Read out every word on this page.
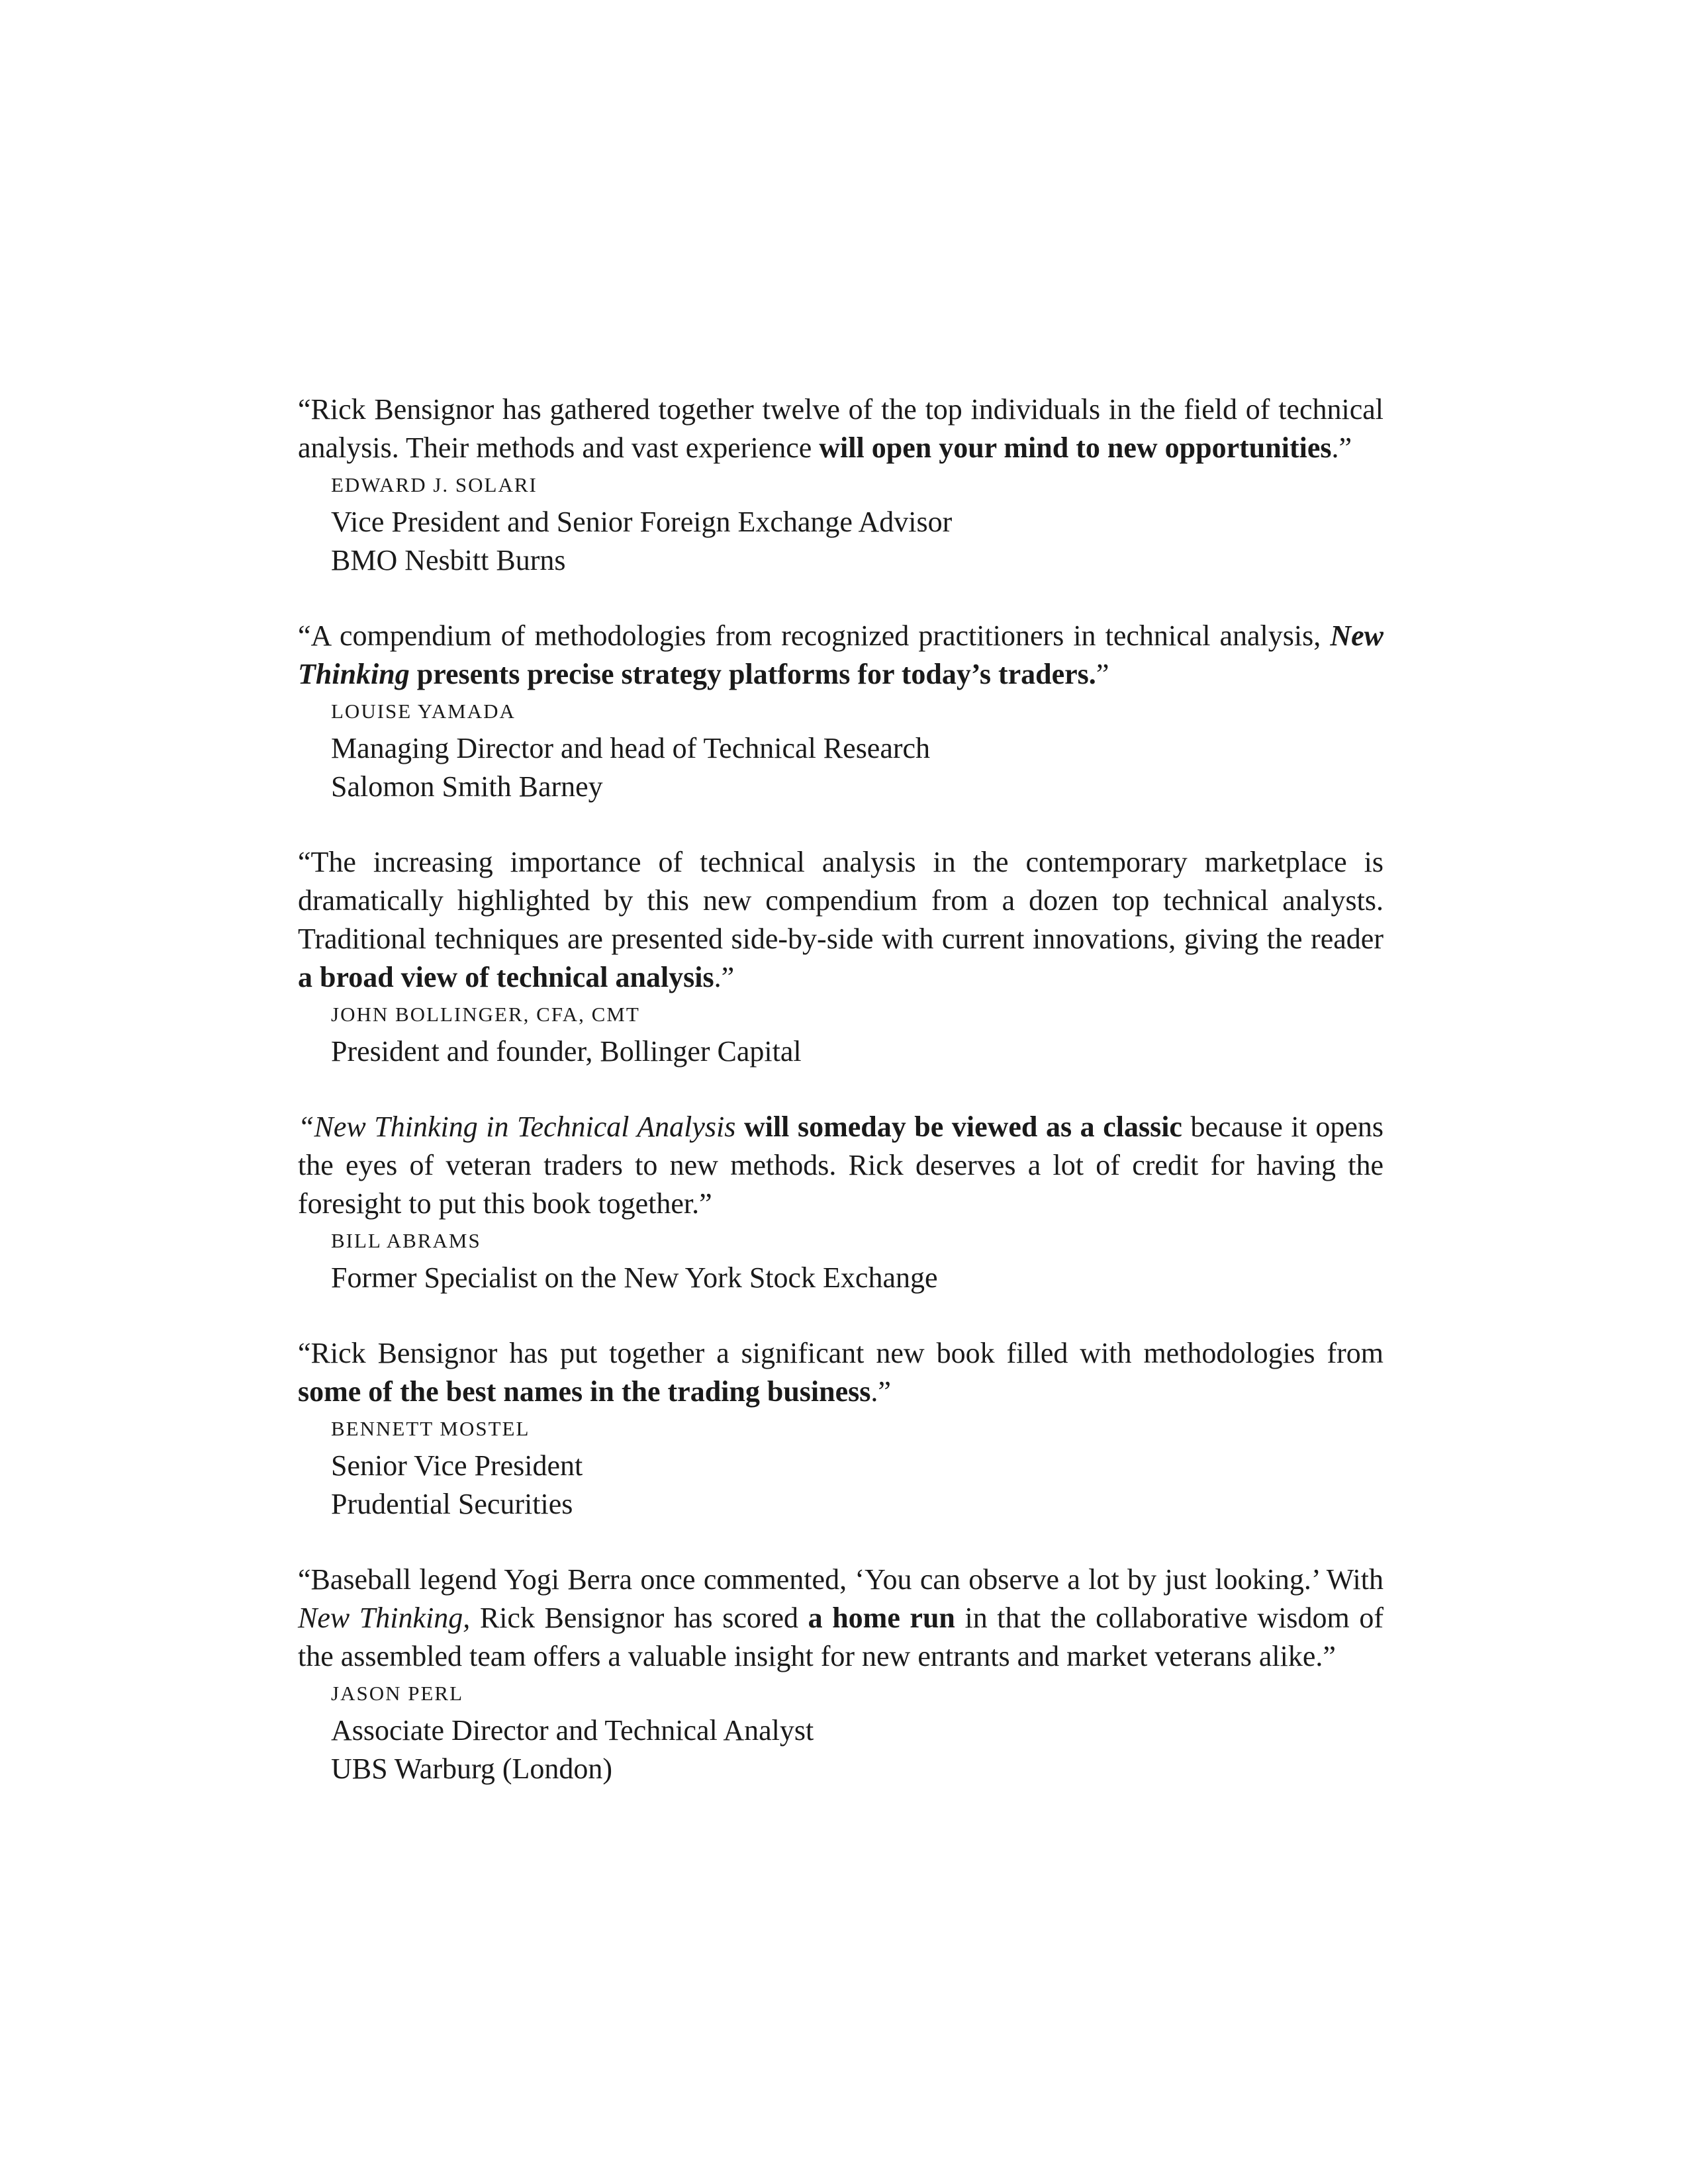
“Rick Bensignor has gathered together twelve of the top individuals in the field of technical analysis. Their methods and vast experience will open your mind to new opportunities.”

EDWARD J. SOLARI

Vice President and Senior Foreign Exchange Advisor

BMO Nesbitt Burns

“A compendium of methodologies from recognized practitioners in technical analysis, New Thinking presents precise strategy platforms for today’s traders.”

LOUISE YAMADA

Managing Director and head of Technical Research

Salomon Smith Barney

“The increasing importance of technical analysis in the contemporary marketplace is dramatically highlighted by this new compendium from a dozen top technical analysts. Traditional techniques are presented side-by-side with current innovations, giving the reader a broad view of technical analysis.”

JOHN BOLLINGER, CFA, CMT

President and founder, Bollinger Capital

“New Thinking in Technical Analysis will someday be viewed as a classic because it opens the eyes of veteran traders to new methods. Rick deserves a lot of credit for having the foresight to put this book together.”

BILL ABRAMS

Former Specialist on the New York Stock Exchange

“Rick Bensignor has put together a significant new book filled with methodologies from some of the best names in the trading business.”

BENNETT MOSTEL

Senior Vice President

Prudential Securities

“Baseball legend Yogi Berra once commented, ‘You can observe a lot by just looking.’ With New Thinking, Rick Bensignor has scored a home run in that the collaborative wisdom of the assembled team offers a valuable insight for new entrants and market veterans alike.”

JASON PERL

Associate Director and Technical Analyst

UBS Warburg (London)
